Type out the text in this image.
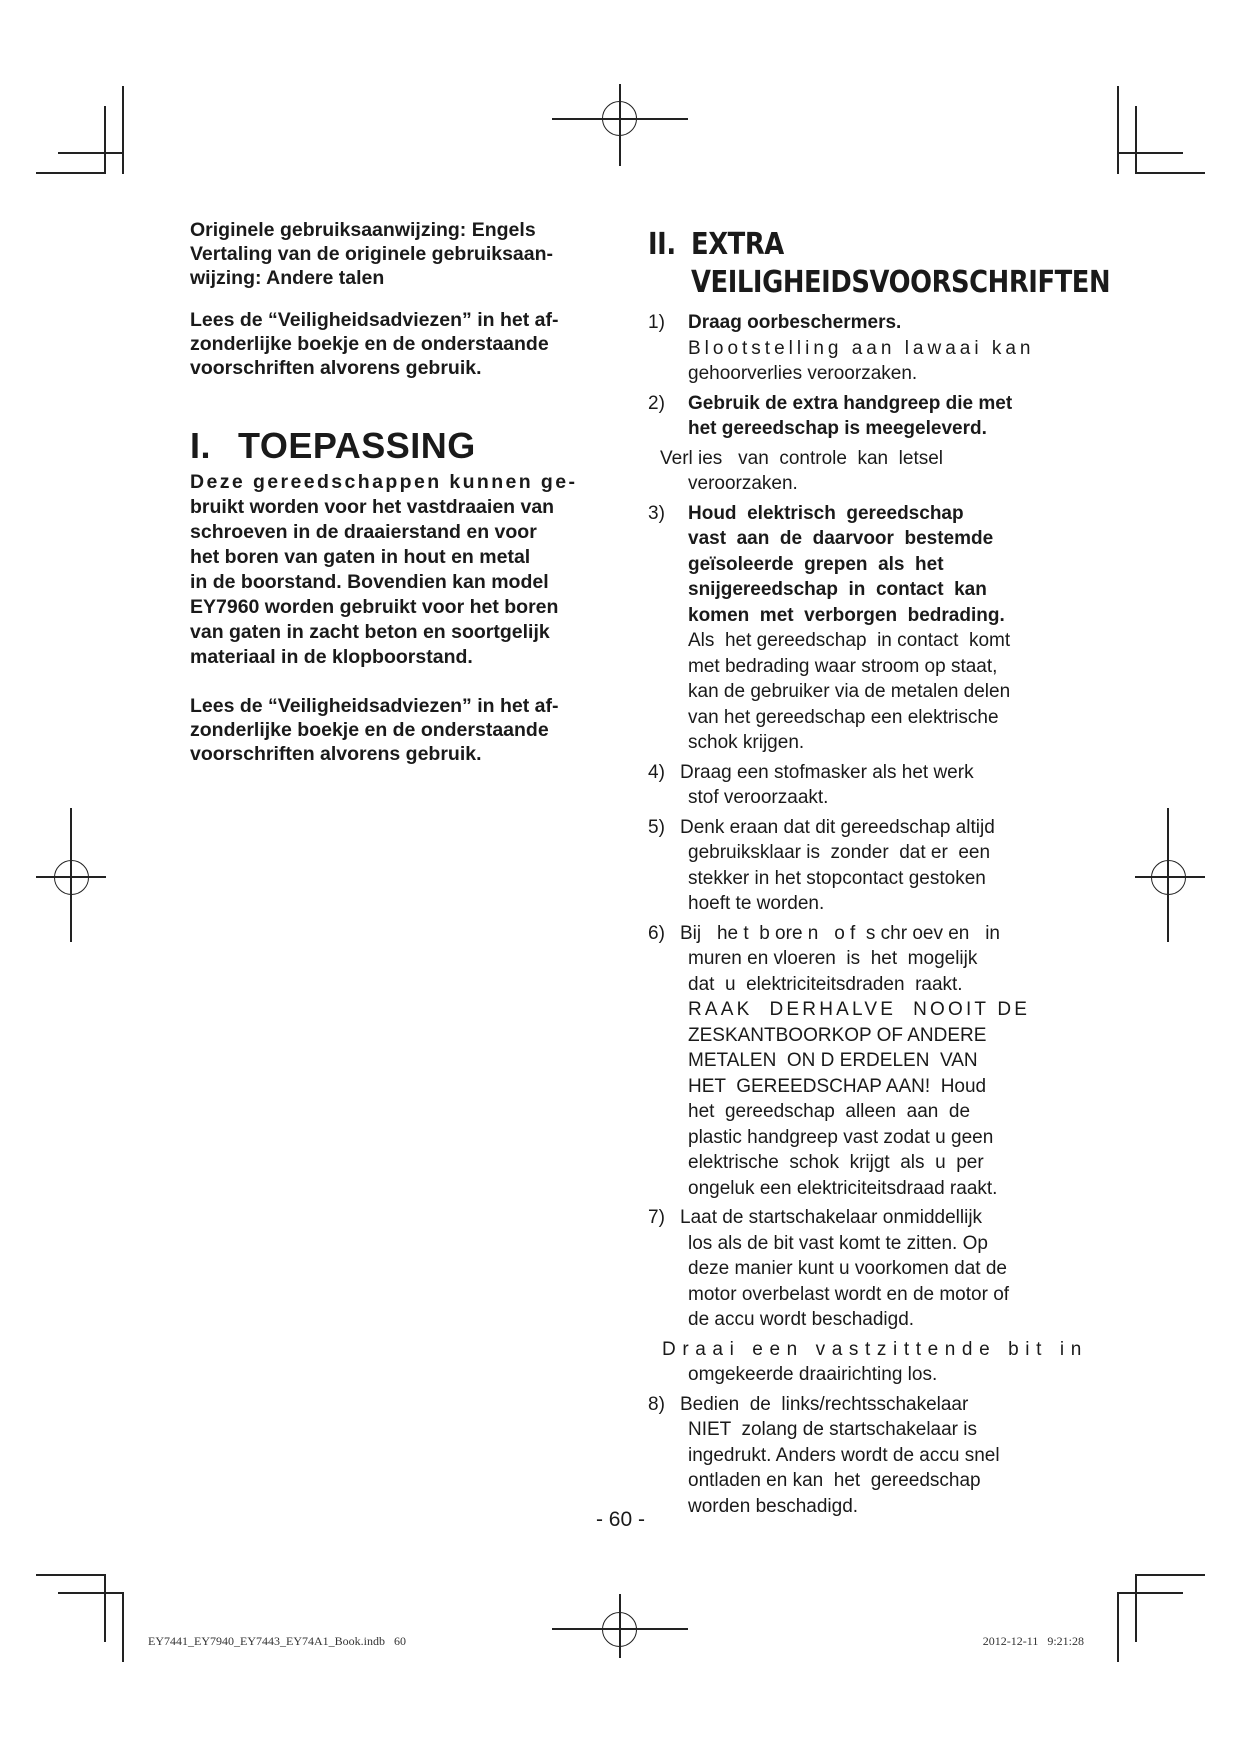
Originele gebruiksaanwijzing: Engels
Vertaling van de originele gebruiksaan-
wijzing: Andere talen

Lees de “Veiligheidsadviezen” in het af-
zonderlijke boekje en de onderstaande
voorschriften alvorens gebruik.

I. TOEPASSING

Deze gereedschappen kunnen ge-
bruikt worden voor het vastdraaien van
schroeven in de draaierstand en voor
het boren van gaten in hout en metal
in de boorstand. Bovendien kan model
EY7960 worden gebruikt voor het boren
van gaten in zacht beton en soortgelijk
materiaal in de klopboorstand.

Lees de “Veiligheidsadviezen” in het af-
zonderlijke boekje en de onderstaande
voorschriften alvorens gebruik.

II. EXTRA
VEILIGHEIDSVOORSCHRIFTEN
1)	Draag oorbeschermers.
Blootstelling aan lawaai kan
gehoorverlies veroorzaken.
2)	Gebruik de extra handgreep die met
het gereedschap is meegeleverd.
Verl ies   van  controle  kan  letsel
veroorzaken.
3)	Houd  elektrisch  gereedschap
vast  aan  de  daarvoor  bestemde
geïsoleerde  grepen  als  het
snijgereedschap  in  contact  kan
komen  met  verborgen  bedrading.
Als  het gereedschap  in contact  komt
met bedrading waar stroom op staat,
kan de gebruiker via de metalen delen
van het gereedschap een elektrische
schok krijgen.
4) Draag een stofmasker als het werk
stof veroorzaakt.
5) Denk eraan dat dit gereedschap altijd
gebruiksklaar is  zonder  dat er  een
stekker in het stopcontact gestoken
hoeft te worden.
6) Bij   he t  b ore n   o f  s chr oev en   in
muren en vloeren  is  het  mogelijk
dat  u  elektriciteitsdraden  raakt.
RAAK  DERHALVE  NOOIT DE
ZESKANTBOORKOP OF ANDERE
METALEN  ON D ERDELEN  VAN
HET  GEREEDSCHAP AAN!  Houd
het  gereedschap  alleen  aan  de
plastic handgreep vast zodat u geen
elektrische  schok  krijgt  als  u  per
ongeluk een elektriciteitsdraad raakt.
7) Laat de startschakelaar onmiddellijk
los als de bit vast komt te zitten. Op
deze manier kunt u voorkomen dat de
motor overbelast wordt en de motor of
de accu wordt beschadigd.
Draai een vastzittende bit in
omgekeerde draairichting los.
8) Bedien  de  links/rechtsschakelaar
NIET  zolang de startschakelaar is
ingedrukt. Anders wordt de accu snel
ontladen en kan  het  gereedschap
worden beschadigd.
- 60 -
EY7441_EY7940_EY7443_EY74A1_Book.indb   60	2012-12-11   9:21:28
